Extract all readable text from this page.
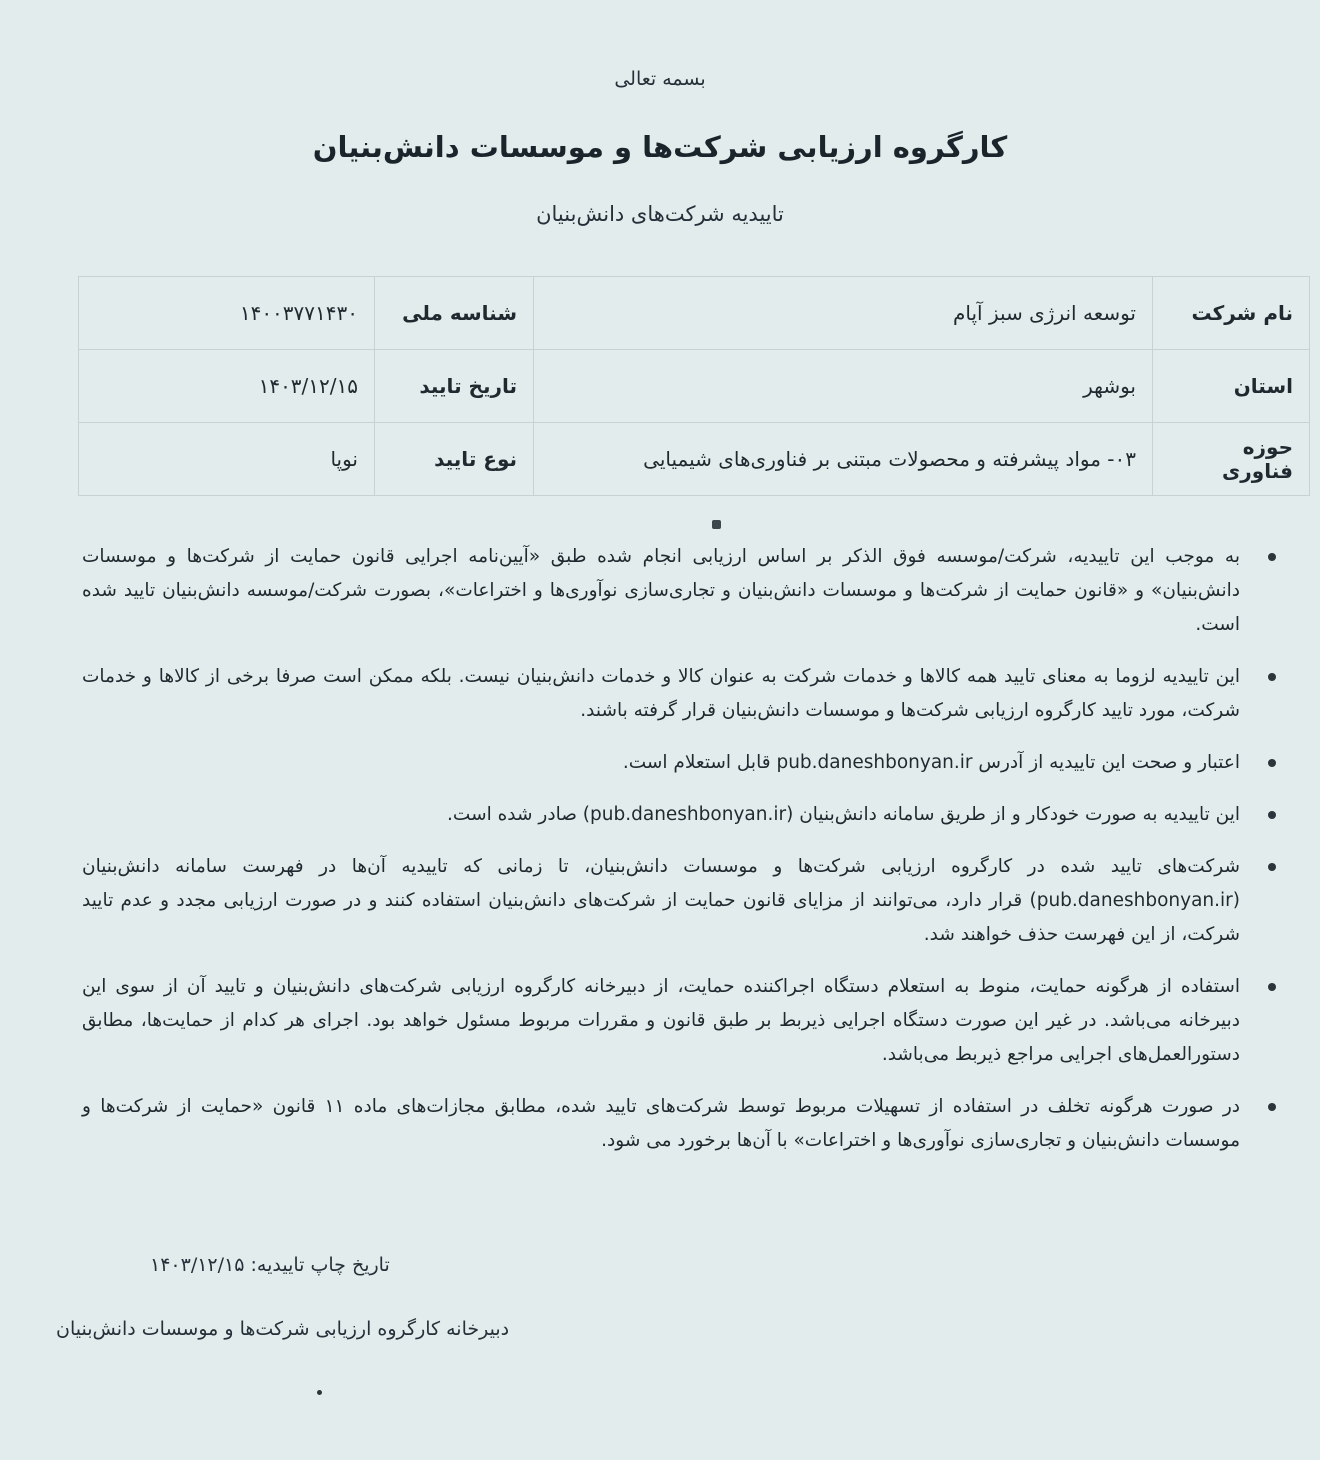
بسمه تعالی
کارگروه ارزیابی شرکت‌ها و موسسات دانش‌بنیان
تاییدیه شرکت‌های دانش‌بنیان
نام شرکت	توسعه انرژی سبز آپام	شناسه ملی	۱۴۰۰۳۷۷۱۴۳۰
استان	بوشهر	تاریخ تایید	۱۴۰۳/۱۲/۱۵
حوزه فناوری	۰۳- مواد پیشرفته و محصولات مبتنی بر فناوری‌های شیمیایی	نوع تایید	نوپا
به موجب این تاییدیه، شرکت/موسسه فوق الذکر بر اساس ارزیابی انجام شده طبق «آیین‌نامه اجرایی قانون حمایت از شرکت‌ها و موسسات دانش‌بنیان» و «قانون حمایت از شرکت‌ها و موسسات دانش‌بنیان و تجاری‌سازی نوآوری‌ها و اختراعات»، بصورت شرکت/موسسه دانش‌بنیان تایید شده است.
این تاییدیه لزوما به معنای تایید همه کالاها و خدمات شرکت به عنوان کالا و خدمات دانش‌بنیان نیست. بلکه ممکن است صرفا برخی از کالاها و خدمات شرکت، مورد تایید کارگروه ارزیابی شرکت‌ها و موسسات دانش‌بنیان قرار گرفته باشند.
اعتبار و صحت این تاییدیه از آدرس pub.daneshbonyan.ir قابل استعلام است.
این تاییدیه به صورت خودکار و از طریق سامانه دانش‌بنیان (pub.daneshbonyan.ir) صادر شده است.
شرکت‌های تایید شده در کارگروه ارزیابی شرکت‌ها و موسسات دانش‌بنیان، تا زمانی که تاییدیه آن‌ها در فهرست سامانه دانش‌بنیان (pub.daneshbonyan.ir) قرار دارد، می‌توانند از مزایای قانون حمایت از شرکت‌های دانش‌بنیان استفاده کنند و در صورت ارزیابی مجدد و عدم تایید شرکت، از این فهرست حذف خواهند شد.
استفاده از هرگونه حمایت، منوط به استعلام دستگاه اجراکننده حمایت، از دبیرخانه کارگروه ارزیابی شرکت‌های دانش‌بنیان و تایید آن از سوی این دبیرخانه می‌باشد. در غیر این صورت دستگاه اجرایی ذیربط بر طبق قانون و مقررات مربوط مسئول خواهد بود. اجرای هر کدام از حمایت‌ها، مطابق دستورالعمل‌های اجرایی مراجع ذیربط می‌باشد.
در صورت هرگونه تخلف در استفاده از تسهیلات مربوط توسط شرکت‌های تایید شده، مطابق مجازات‌های ماده ۱۱ قانون «حمایت از شرکت‌ها و موسسات دانش‌بنیان و تجاری‌سازی نوآوری‌ها و اختراعات» با آن‌ها برخورد می شود.
تاریخ چاپ تاییدیه: ۱۴۰۳/۱۲/۱۵
دبیرخانه کارگروه ارزیابی شرکت‌ها و موسسات دانش‌بنیان
